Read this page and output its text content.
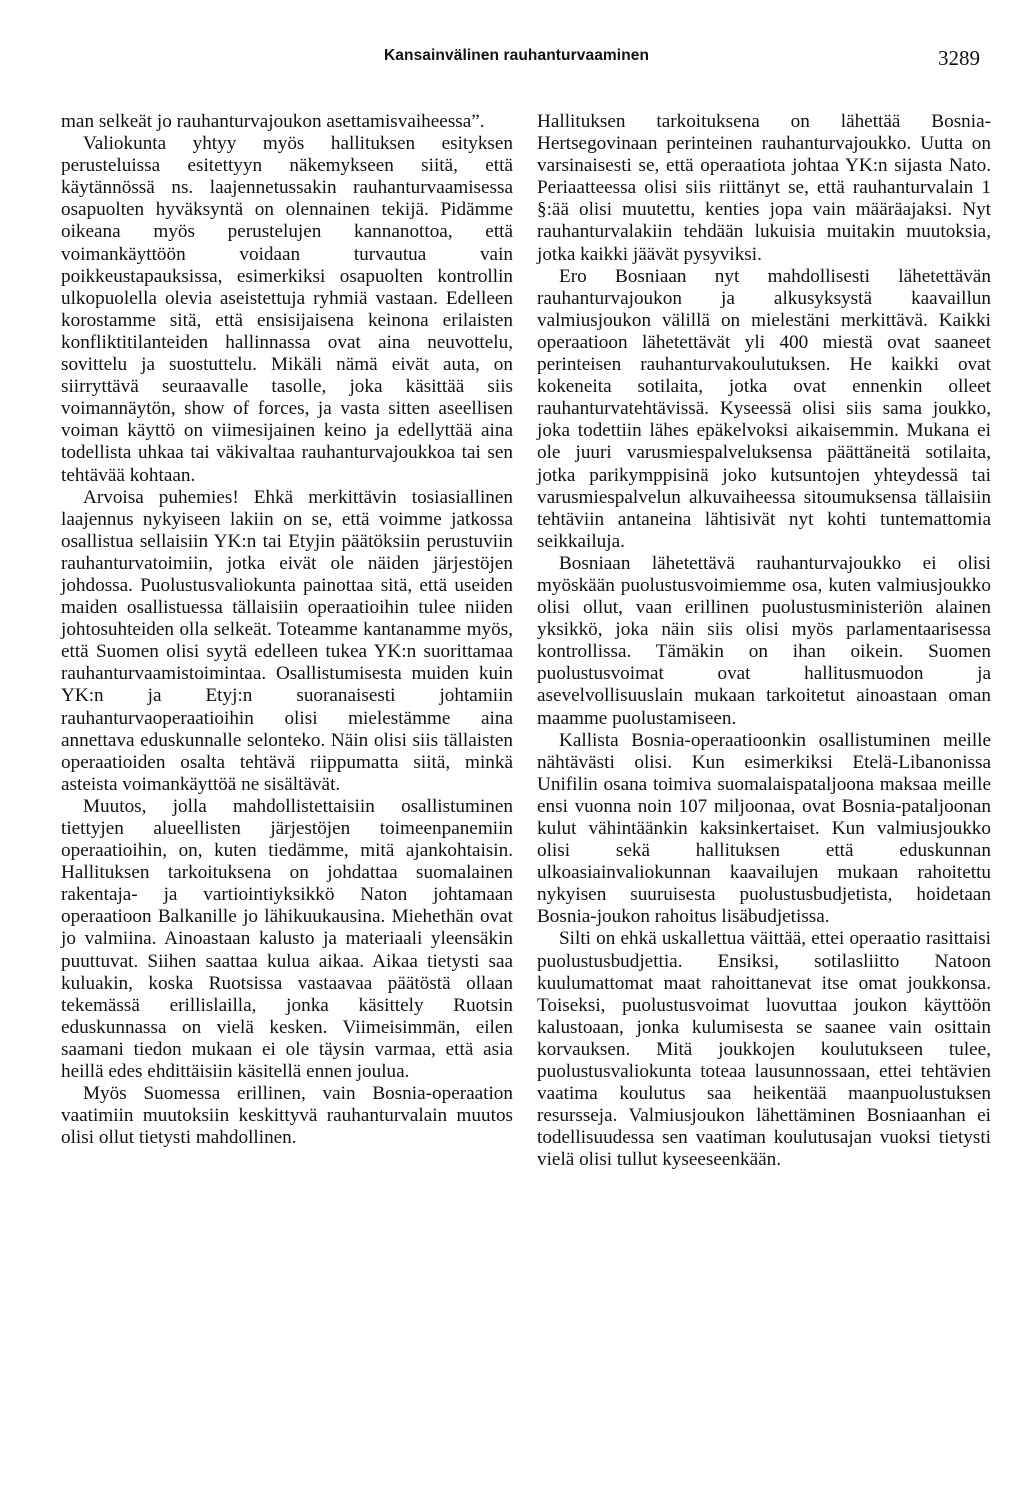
Kansainvälinen rauhanturvaaminen	3289

man selkeät jo rauhanturvajoukon asettamisvaiheessa”.

Valiokunta yhtyy myös hallituksen esityksen perusteluissa esitettyyn näkemykseen siitä, että käytännössä ns. laajennetussakin rauhanturvaamisessa osapuolten hyväksyntä on olennainen tekijä. Pidämme oikeana myös perustelujen kannanottoa, että voimankäyttöön voidaan turvautua vain poikkeustapauksissa, esimerkiksi osapuolten kontrollin ulkopuolella olevia aseistettuja ryhmiä vastaan. Edelleen korostamme sitä, että ensisijaisena keinona erilaisten konfliktitilanteiden hallinnassa ovat aina neuvottelu, sovittelu ja suostuttelu. Mikäli nämä eivät auta, on siirryttävä seuraavalle tasolle, joka käsittää siis voimannäytön, show of forces, ja vasta sitten aseellisen voiman käyttö on viimesijainen keino ja edellyttää aina todellista uhkaa tai väkivaltaa rauhanturvajoukkoa tai sen tehtävää kohtaan.

Arvoisa puhemies! Ehkä merkittävin tosiasiallinen laajennus nykyiseen lakiin on se, että voimme jatkossa osallistua sellaisiin YK:n tai Etyjin päätöksiin perustuviin rauhanturvatoimiin, jotka eivät ole näiden järjestöjen johdossa. Puolustusvaliokunta painottaa sitä, että useiden maiden osallistuessa tällaisiin operaatioihin tulee niiden johtosuhteiden olla selkeät. Toteamme kantanamme myös, että Suomen olisi syytä edelleen tukea YK:n suorittamaa rauhanturvaamistoimintaa. Osallistumisesta muiden kuin YK:n ja Etyj:n suoranaisesti johtamiin rauhanturvaoperaatioihin olisi mielestämme aina annettava eduskunnalle selonteko. Näin olisi siis tällaisten operaatioiden osalta tehtävä riippumatta siitä, minkä asteista voimankäyttöä ne sisältävät.

Muutos, jolla mahdollistettaisiin osallistuminen tiettyjen alueellisten järjestöjen toimeenpanemiin operaatioihin, on, kuten tiedämme, mitä ajankohtaisin. Hallituksen tarkoituksena on johdattaa suomalainen rakentaja- ja vartiointiyksikkö Naton johtamaan operaatioon Balkanille jo lähikuukausina. Miehethän ovat jo valmiina. Ainoastaan kalusto ja materiaali yleensäkin puuttuvat. Siihen saattaa kulua aikaa. Aikaa tietysti saa kuluakin, koska Ruotsissa vastaavaa päätöstä ollaan tekemässä erillislailla, jonka käsittely Ruotsin eduskunnassa on vielä kesken. Viimeisimmän, eilen saamani tiedon mukaan ei ole täysin varmaa, että asia heillä edes ehdittäisiin käsitellä ennen joulua.

Myös Suomessa erillinen, vain Bosnia-operaation vaatimiin muutoksiin keskittyvä rauhanturvalain muutos olisi ollut tietysti mahdollinen.

Hallituksen tarkoituksena on lähettää Bosnia-Hertsegovinaan perinteinen rauhanturvajoukko. Uutta on varsinaisesti se, että operaatiota johtaa YK:n sijasta Nato. Periaatteessa olisi siis riittänyt se, että rauhanturvalain 1 §:ää olisi muutettu, kenties jopa vain määräajaksi. Nyt rauhanturvalakiin tehdään lukuisia muitakin muutoksia, jotka kaikki jäävät pysyviksi.

Ero Bosniaan nyt mahdollisesti lähetettävän rauhanturvajoukon ja alkusyksystä kaavaillun valmiusjoukon välillä on mielestäni merkittävä. Kaikki operaatioon lähetettävät yli 400 miestä ovat saaneet perinteisen rauhanturvakoulutuksen. He kaikki ovat kokeneita sotilaita, jotka ovat ennenkin olleet rauhanturvatehtävissä. Kyseessä olisi siis sama joukko, joka todettiin lähes epäkelvoksi aikaisemmin. Mukana ei ole juuri varusmiespalveluksensa päättäneitä sotilaita, jotka parikymppisinä joko kutsuntojen yhteydessä tai varusmiespalvelun alkuvaiheessa sitoumuksensa tällaisiin tehtäviin antaneina lähtisivät nyt kohti tuntemattomia seikkailuja.

Bosniaan lähetettävä rauhanturvajoukko ei olisi myöskään puolustusvoimiemme osa, kuten valmiusjoukko olisi ollut, vaan erillinen puolustusministeriön alainen yksikkö, joka näin siis olisi myös parlamentaarisessa kontrollissa. Tämäkin on ihan oikein. Suomen puolustusvoimat ovat hallitusmuodon ja asevelvollisuuslain mukaan tarkoitetut ainoastaan oman maamme puolustamiseen.

Kallista Bosnia-operaatioonkin osallistuminen meille nähtävästi olisi. Kun esimerkiksi Etelä-Libanonissa Unifilin osana toimiva suomalaispataljoona maksaa meille ensi vuonna noin 107 miljoonaa, ovat Bosnia-pataljoonan kulut vähintäänkin kaksinkertaiset. Kun valmiusjoukko olisi sekä hallituksen että eduskunnan ulkoasiainvaliokunnan kaavailujen mukaan rahoitettu nykyisen suuruisesta puolustusbudjetista, hoidetaan Bosnia-joukon rahoitus lisäbudjetissa.

Silti on ehkä uskallettua väittää, ettei operaatio rasittaisi puolustusbudjettia. Ensiksi, sotilasliitto Natoon kuulumattomat maat rahoittanevat itse omat joukkonsa. Toiseksi, puolustusvoimat luovuttaa joukon käyttöön kalustoaan, jonka kulumisesta se saanee vain osittain korvauksen. Mitä joukkojen koulutukseen tulee, puolustusvaliokunta toteaa lausunnossaan, ettei tehtävien vaatima koulutus saa heikentää maanpuolustuksen resursseja. Valmiusjoukon lähettäminen Bosniaanhan ei todellisuudessa sen vaatiman koulutusajan vuoksi tietysti vielä olisi tullut kyseeseenkään.
